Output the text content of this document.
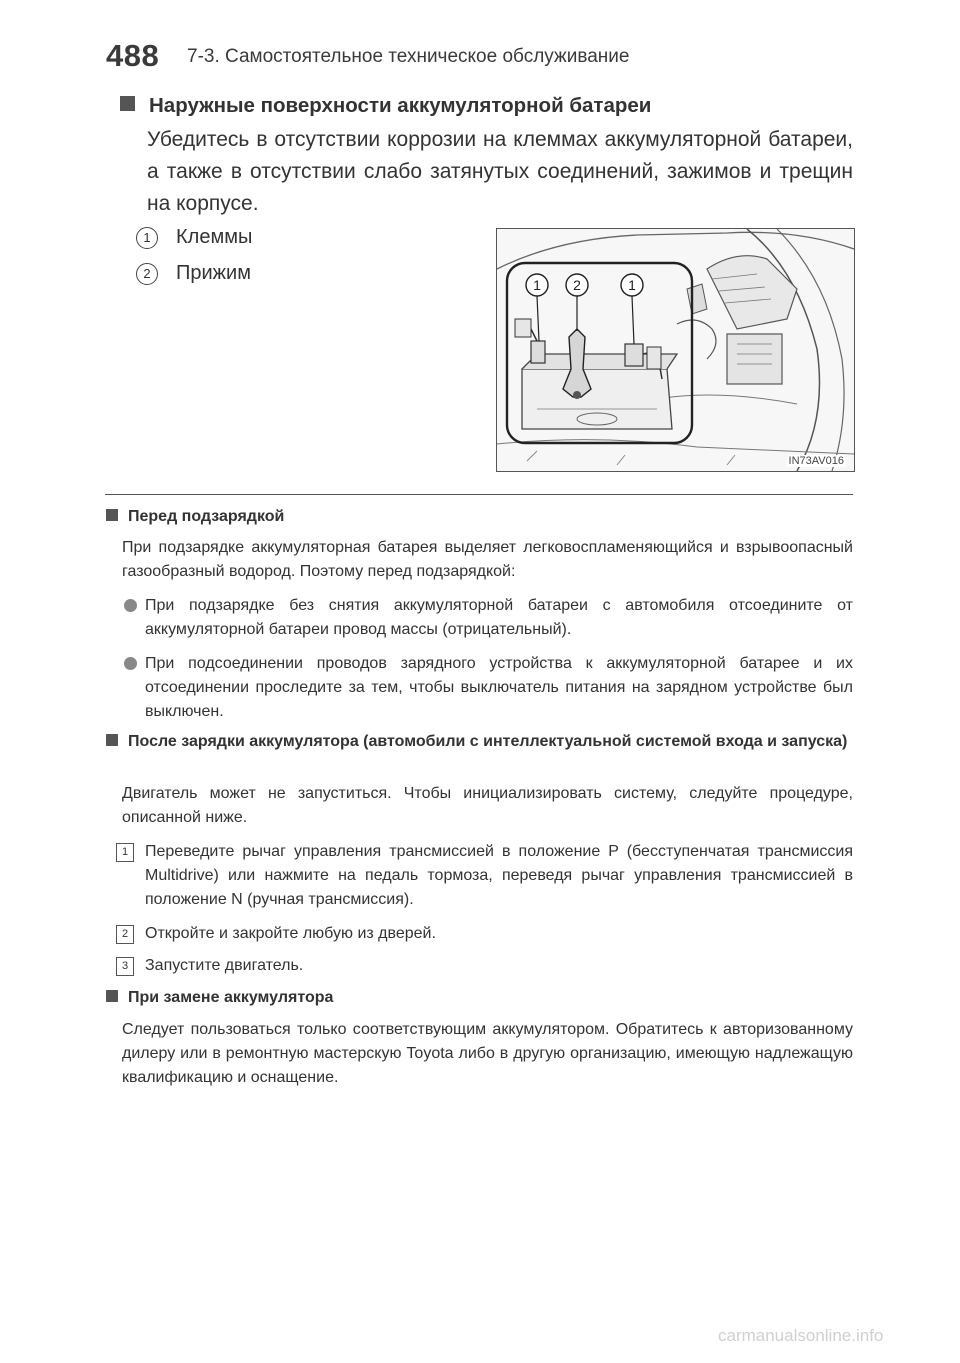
488 7-3. Самостоятельное техническое обслуживание
Наружные поверхности аккумуляторной батареи
Убедитесь в отсутствии коррозии на клеммах аккумуляторной батареи, а также в отсутствии слабо затянутых соединений, зажимов и трещин на корпусе.
1	Клеммы
2	Прижим
1 2	1
IN73AV016
Перед подзарядкой
При подзарядке аккумуляторная батарея выделяет легковоспламеняющийся и взрывоопасный газообразный водород. Поэтому перед подзарядкой:
При подзарядке без снятия аккумуляторной батареи с автомобиля отсоедините от аккумуляторной батареи провод массы (отрицательный).
При подсоединении проводов зарядного устройства к аккумуляторной батарее и их отсоединении проследите за тем, чтобы выключатель питания на зарядном устройстве был выключен.
После зарядки аккумулятора (автомобили с интеллектуальной системой входа и запуска)
Двигатель может не запуститься. Чтобы инициализировать систему, следуйте процедуре, описанной ниже.
1	Переведите рычаг управления трансмиссией в положение P (бесступенчатая трансмиссия Multidrive) или нажмите на педаль тормоза, переведя рычаг управления трансмиссией в положение N (ручная трансмиссия).
2	Откройте и закройте любую из дверей.
3	Запустите двигатель.
При замене аккумулятора
Следует пользоваться только соответствующим аккумулятором. Обратитесь к авторизованному дилеру или в ремонтную мастерскую Toyota либо в другую организацию, имеющую надлежащую квалификацию и оснащение.
carmanualsonline.info
